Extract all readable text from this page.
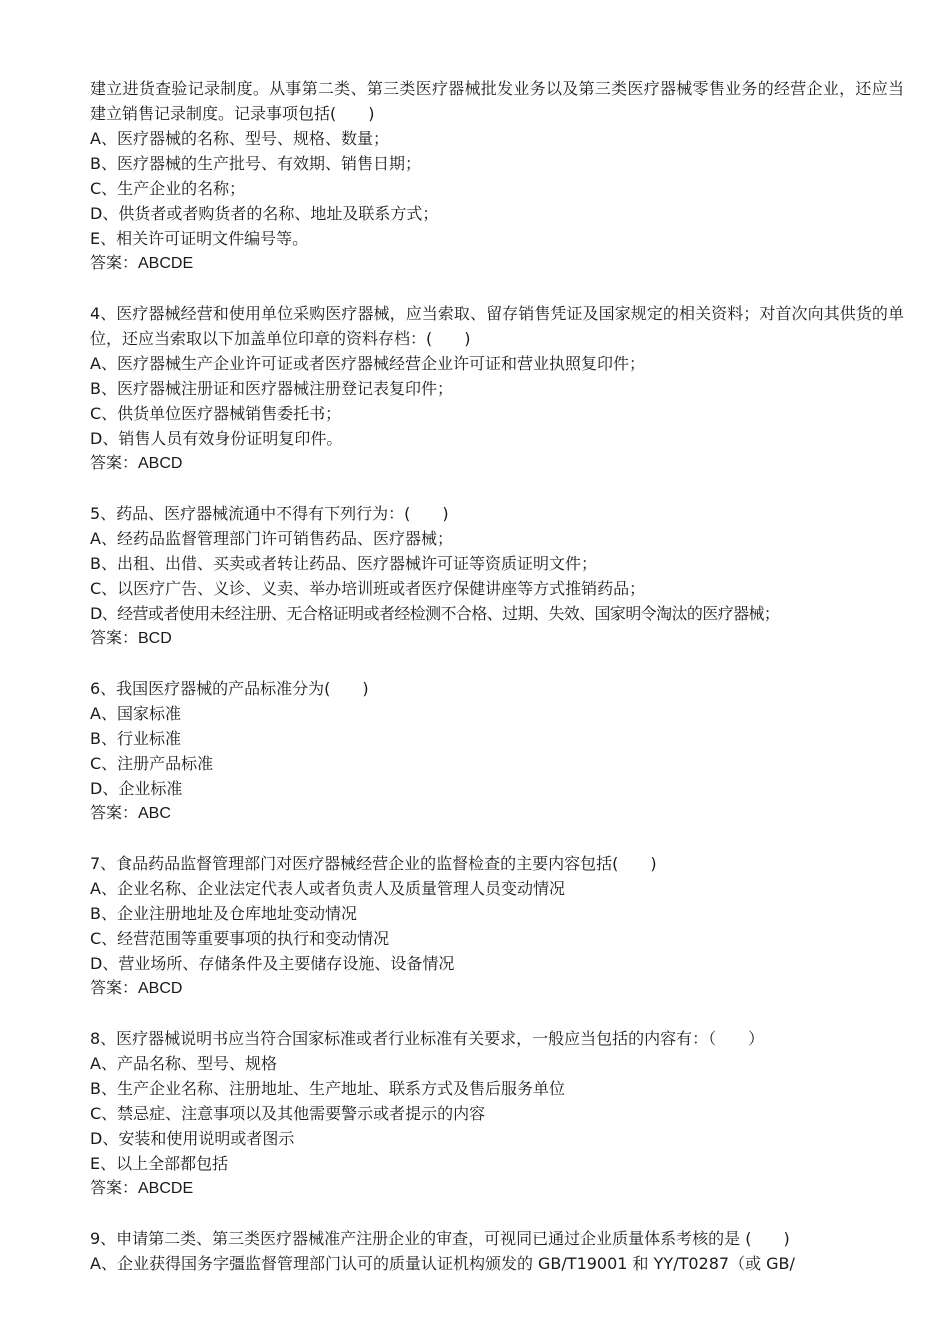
建立进货查验记录制度。从事第二类、第三类医疗器械批发业务以及第三类医疗器械零售业务的经营企业，还应当建立销售记录制度。记录事项包括(　　)
A、医疗器械的名称、型号、规格、数量；
B、医疗器械的生产批号、有效期、销售日期；
C、生产企业的名称；
D、供货者或者购货者的名称、地址及联系方式；
E、相关许可证明文件编号等。
答案：ABCDE
4、医疗器械经营和使用单位采购医疗器械，应当索取、留存销售凭证及国家规定的相关资料；对首次向其供货的单位，还应当索取以下加盖单位印章的资料存档：(　　)
A、医疗器械生产企业许可证或者医疗器械经营企业许可证和营业执照复印件；
B、医疗器械注册证和医疗器械注册登记表复印件；
C、供货单位医疗器械销售委托书；
D、销售人员有效身份证明复印件。
答案：ABCD
5、药品、医疗器械流通中不得有下列行为：(　　)
A、经药品监督管理部门许可销售药品、医疗器械；
B、出租、出借、买卖或者转让药品、医疗器械许可证等资质证明文件；
C、以医疗广告、义诊、义卖、举办培训班或者医疗保健讲座等方式推销药品；
D、经营或者使用未经注册、无合格证明或者经检测不合格、过期、失效、国家明令淘汰的医疗器械；
答案：BCD
6、我国医疗器械的产品标准分为(　　)
A、国家标准
B、行业标准
C、注册产品标准
D、企业标准
答案：ABC
7、食品药品监督管理部门对医疗器械经营企业的监督检查的主要内容包括(　　)
A、企业名称、企业法定代表人或者负责人及质量管理人员变动情况
B、企业注册地址及仓库地址变动情况
C、经营范围等重要事项的执行和变动情况
D、营业场所、存储条件及主要储存设施、设备情况
答案：ABCD
8、医疗器械说明书应当符合国家标准或者行业标准有关要求，一般应当包括的内容有：（　　）
A、产品名称、型号、规格
B、生产企业名称、注册地址、生产地址、联系方式及售后服务单位
C、禁忌症、注意事项以及其他需要警示或者提示的内容
D、安装和使用说明或者图示
E、以上全部都包括
答案：ABCDE
9、申请第二类、第三类医疗器械准产注册企业的审查，可视同已通过企业质量体系考核的是 (　　)
A、企业获得国务字彊监督管理部门认可的质量认证机构颁发的 GB/T19001 和 YY/T0287（或 GB/
